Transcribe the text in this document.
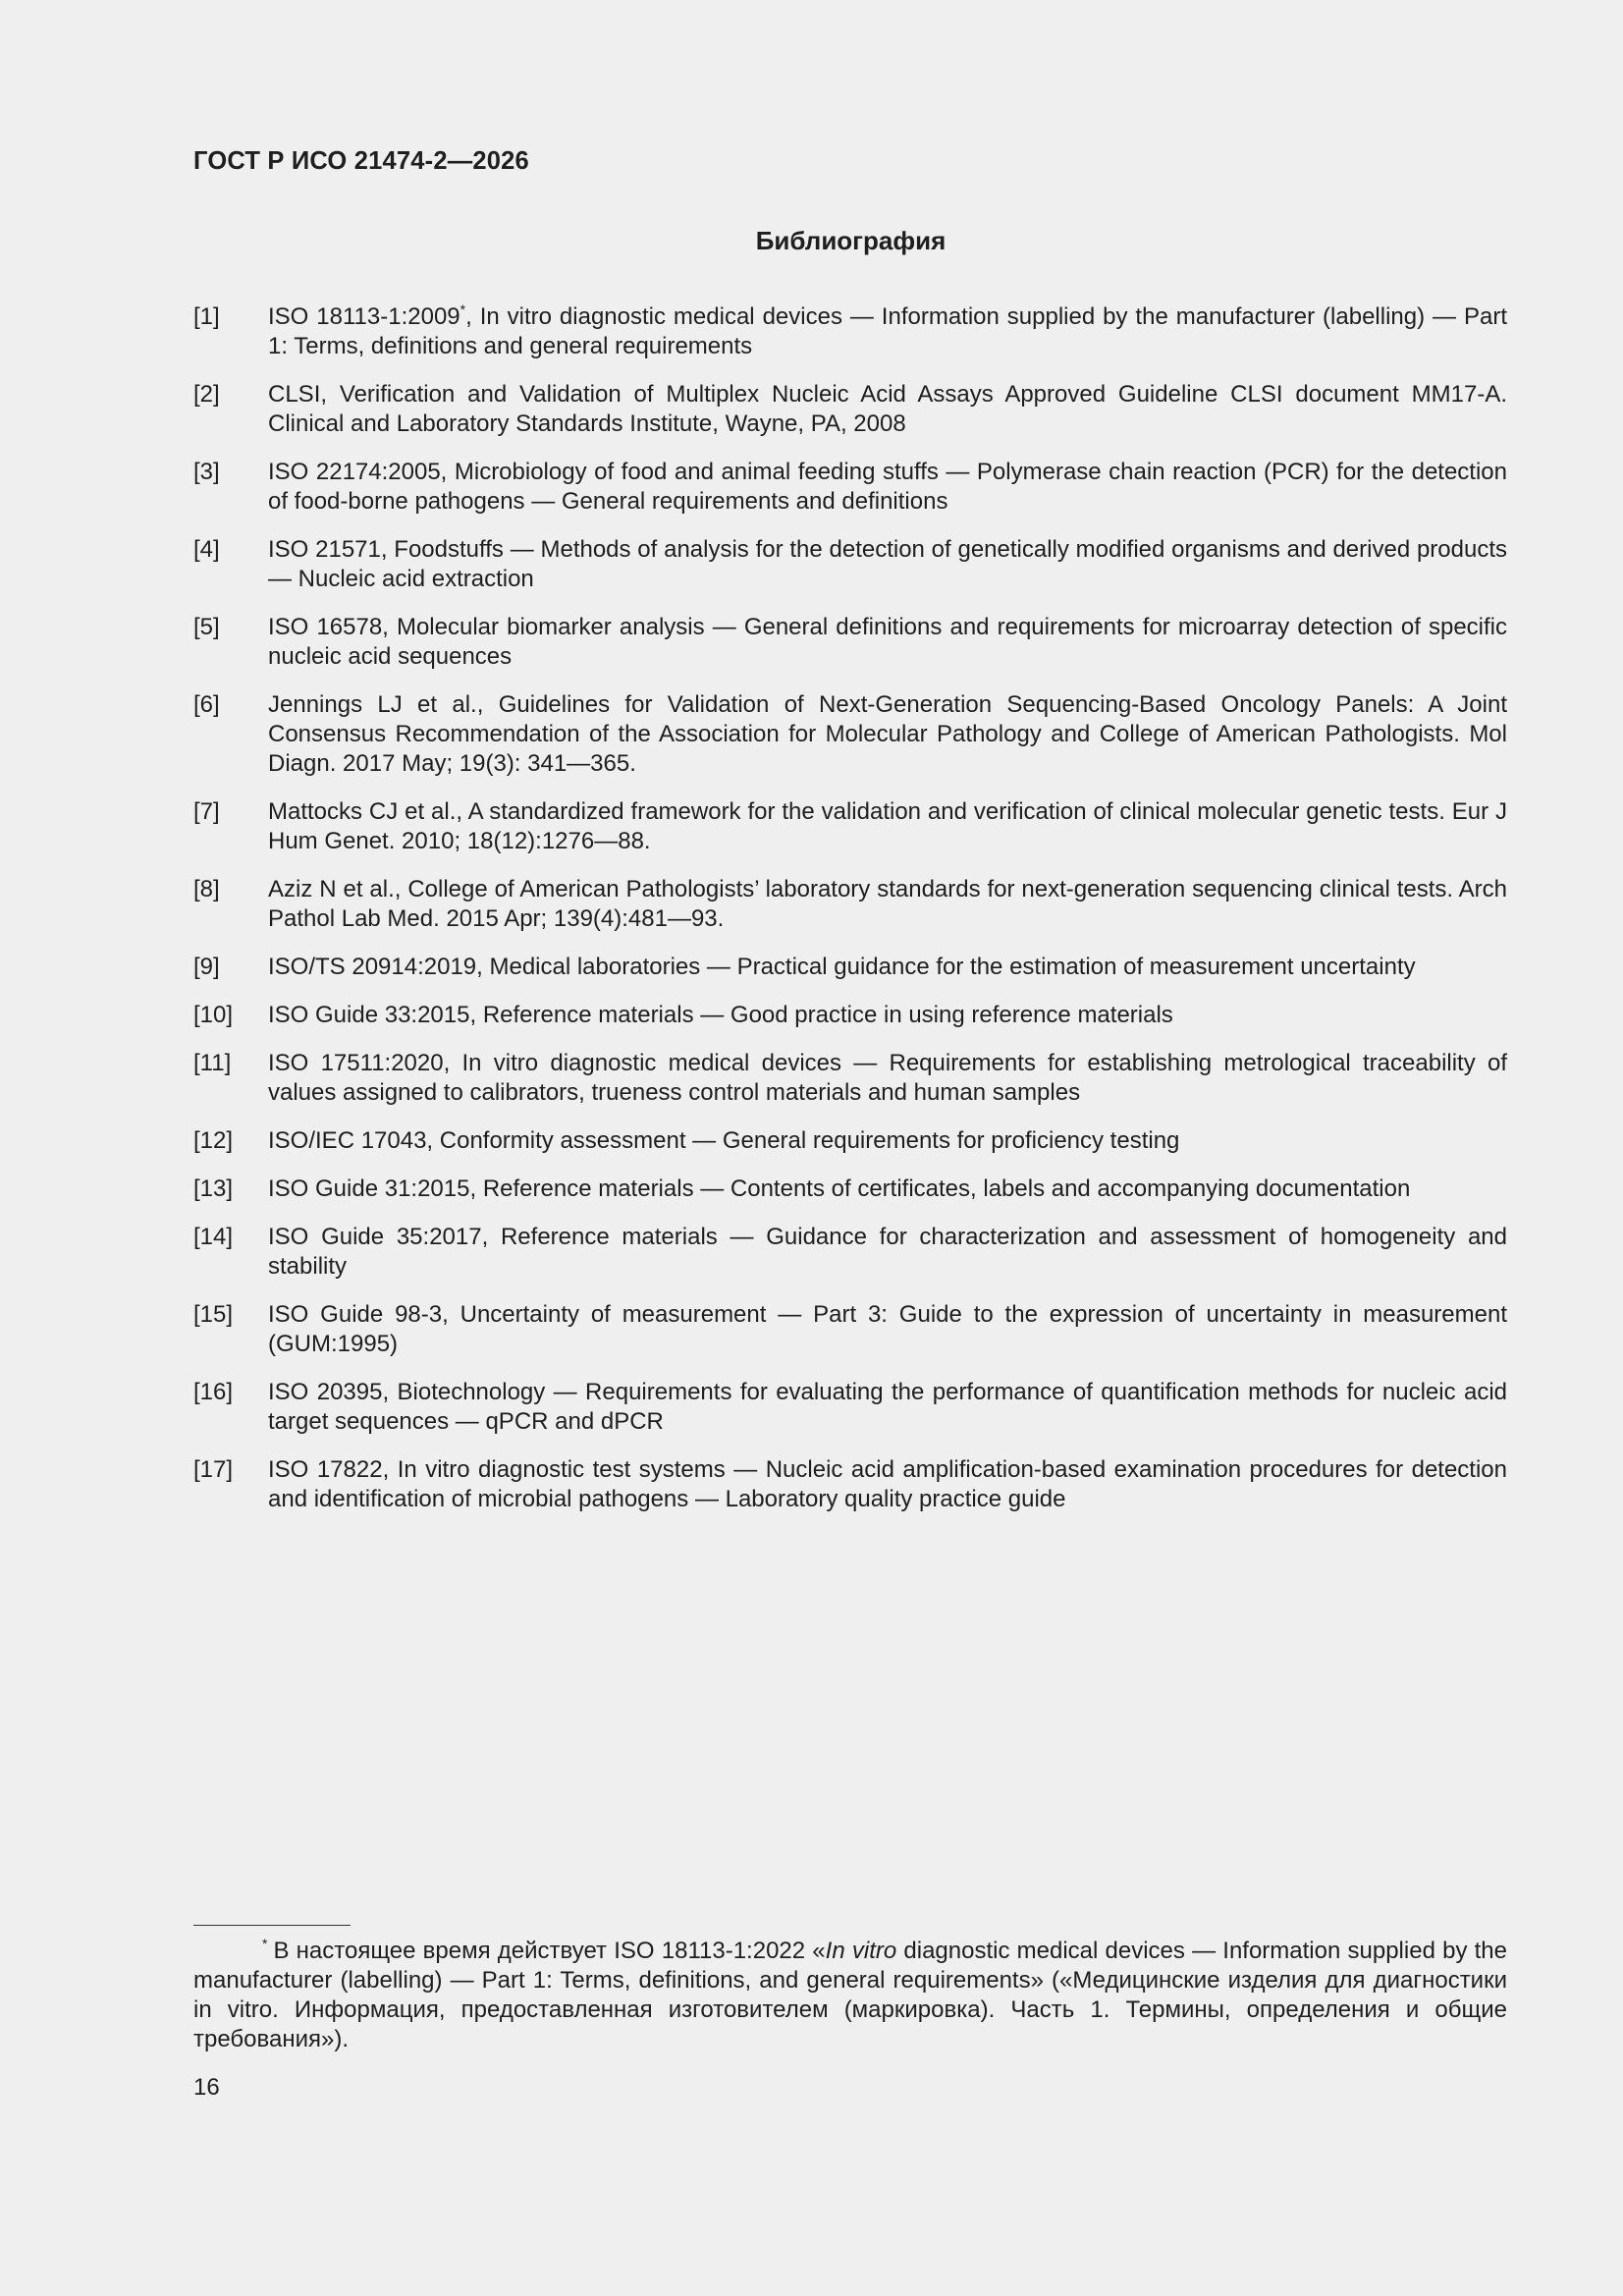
ГОСТ Р ИСО 21474-2—2026
Библиография
[1]	ISO 18113-1:2009*, In vitro diagnostic medical devices — Information supplied by the manufacturer (labelling) — Part 1: Terms, definitions and general requirements
[2]	CLSI, Verification and Validation of Multiplex Nucleic Acid Assays Approved Guideline CLSI document MM17-A. Clinical and Laboratory Standards Institute, Wayne, PA, 2008
[3]	ISO 22174:2005, Microbiology of food and animal feeding stuffs — Polymerase chain reaction (PCR) for the detection of food-borne pathogens — General requirements and definitions
[4]	ISO 21571, Foodstuffs — Methods of analysis for the detection of genetically modified organisms and derived products — Nucleic acid extraction
[5]	ISO 16578, Molecular biomarker analysis — General definitions and requirements for microarray detection of specific nucleic acid sequences
[6]	Jennings LJ et al., Guidelines for Validation of Next-Generation Sequencing-Based Oncology Panels: A Joint Consensus Recommendation of the Association for Molecular Pathology and College of American Pathologists. Mol Diagn. 2017 May; 19(3): 341—365.
[7]	Mattocks CJ et al., A standardized framework for the validation and verification of clinical molecular genetic tests. Eur J Hum Genet. 2010; 18(12):1276—88.
[8]	Aziz N et al., College of American Pathologists’ laboratory standards for next-generation sequencing clinical tests. Arch Pathol Lab Med. 2015 Apr; 139(4):481—93.
[9]	ISO/TS 20914:2019, Medical laboratories — Practical guidance for the estimation of measurement uncertainty
[10]	ISO Guide 33:2015, Reference materials — Good practice in using reference materials
[11]	ISO 17511:2020, In vitro diagnostic medical devices — Requirements for establishing metrological traceability of values assigned to calibrators, trueness control materials and human samples
[12]	ISO/IEC 17043, Conformity assessment — General requirements for proficiency testing
[13]	ISO Guide 31:2015, Reference materials — Contents of certificates, labels and accompanying documentation
[14]	ISO Guide 35:2017, Reference materials — Guidance for characterization and assessment of homogeneity and stability
[15]	ISO Guide 98-3, Uncertainty of measurement — Part 3: Guide to the expression of uncertainty in measurement (GUM:1995)
[16]	ISO 20395, Biotechnology — Requirements for evaluating the performance of quantification methods for nucleic acid target sequences — qPCR and dPCR
[17]	ISO 17822, In vitro diagnostic test systems — Nucleic acid amplification-based examination procedures for detection and identification of microbial pathogens — Laboratory quality practice guide
* В настоящее время действует ISO 18113-1:2022 «In vitro diagnostic medical devices — Information supplied by the manufacturer (labelling) — Part 1: Terms, definitions, and general requirements» («Медицинские изделия для диагностики in vitro. Информация, предоставленная изготовителем (маркировка). Часть 1. Термины, определения и общие требования»).
16
